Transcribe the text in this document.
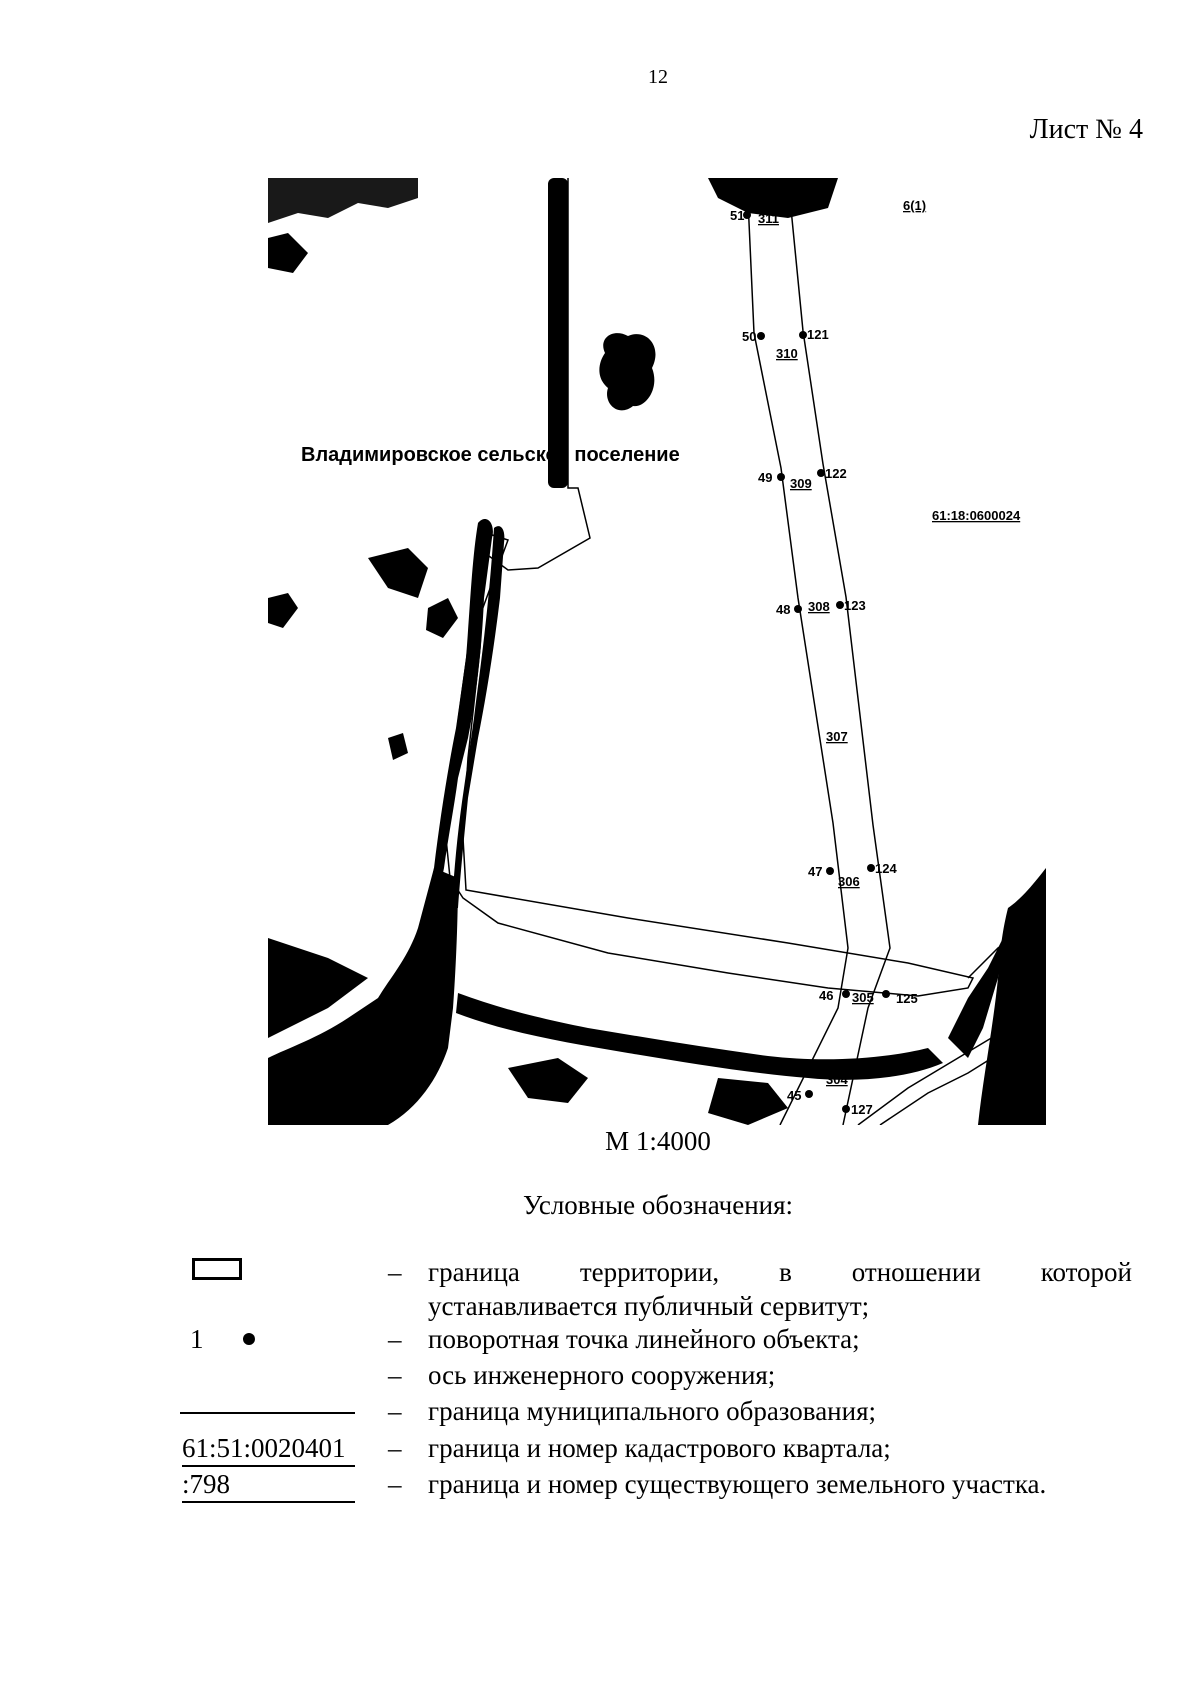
12
Лист № 4
51
50
49
48
47
46
45
121
122
123
124
125
127
311
310
309
308
307
306
305
304
6(1)
61:18:0600024
Владимировское сельское поселение
М 1:4000
Условные обозначения:
– граница территории, в отношении которой
устанавливается публичный сервитут;
1	– поворотная точка линейного объекта;
– ось инженерного сооружения;
– граница муниципального образования;
61:51:0020401	– граница и номер кадастрового квартала;
:798	– граница и номер существующего земельного участка.
